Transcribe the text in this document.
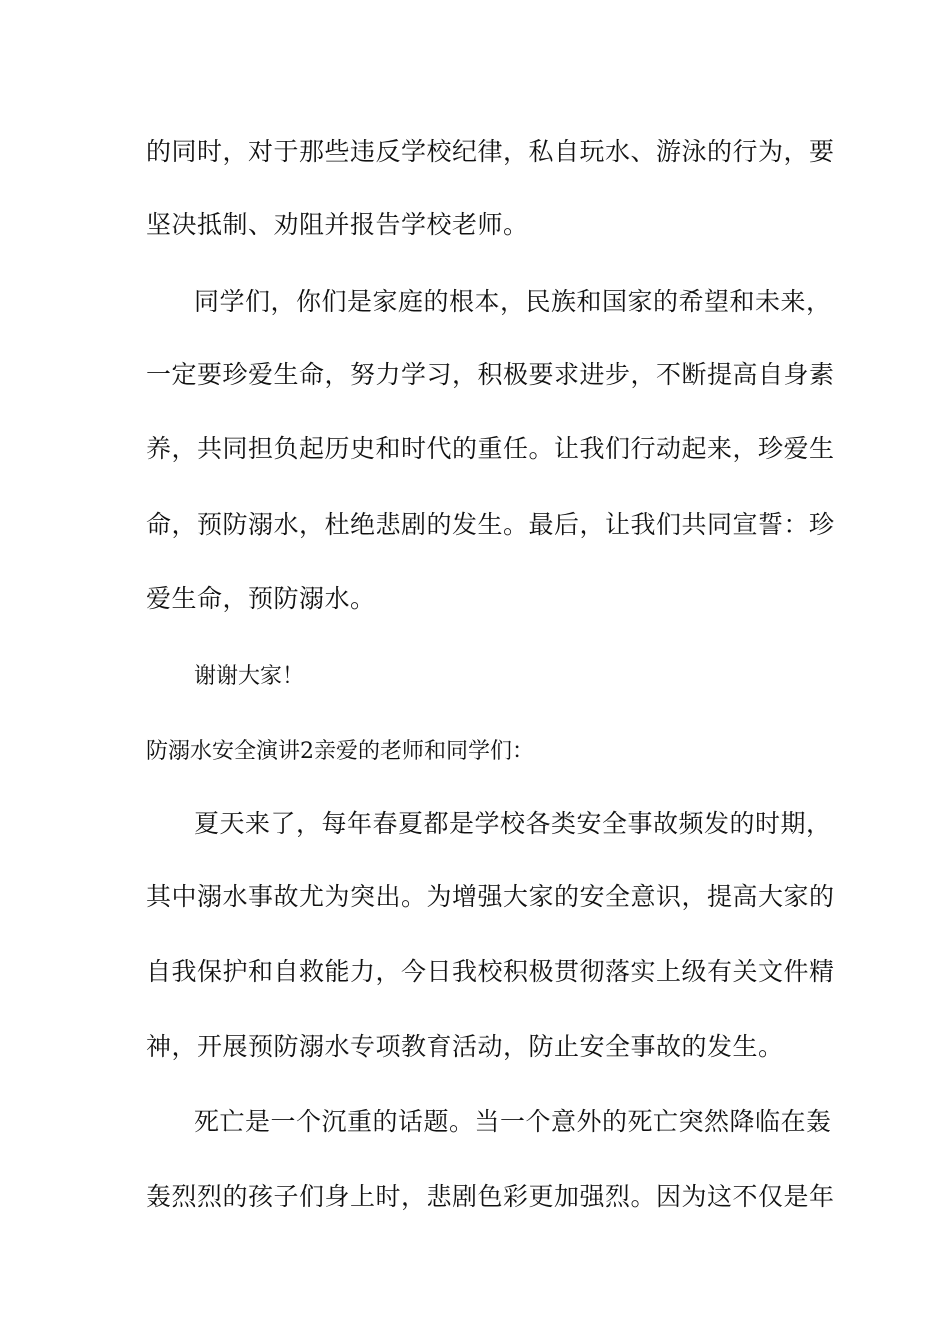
的同时，对于那些违反学校纪律，私自玩水、游泳的行为，要
坚决抵制、劝阻并报告学校老师。
同学们，你们是家庭的根本，民族和国家的希望和未来，
一定要珍爱生命，努力学习，积极要求进步，不断提高自身素
养，共同担负起历史和时代的重任。让我们行动起来，珍爱生
命，预防溺水，杜绝悲剧的发生。最后，让我们共同宣誓：珍
爱生命，预防溺水。
谢谢大家！
防溺水安全演讲2亲爱的老师和同学们：
夏天来了，每年春夏都是学校各类安全事故频发的时期，
其中溺水事故尤为突出。为增强大家的安全意识，提高大家的
自我保护和自救能力，今日我校积极贯彻落实上级有关文件精
神，开展预防溺水专项教育活动，防止安全事故的发生。
死亡是一个沉重的话题。当一个意外的死亡突然降临在轰
轰烈烈的孩子们身上时，悲剧色彩更加强烈。因为这不仅是年
